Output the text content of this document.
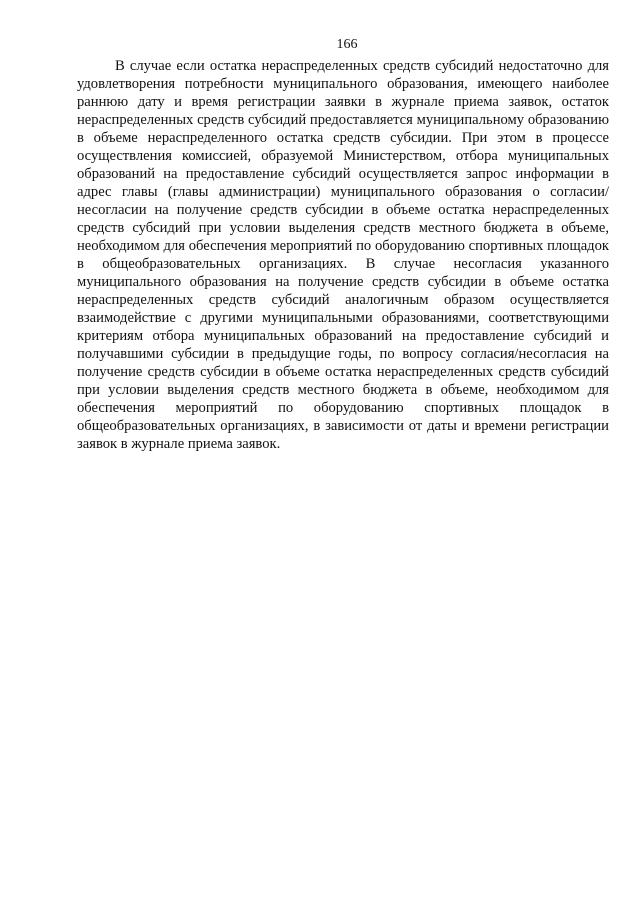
166

В случае если остатка нераспределенных средств субсидий недостаточно для удовлетворения потребности муниципального образования, имеющего наиболее раннюю дату и время регистрации заявки в журнале приема заявок, остаток нераспределенных средств субсидий предоставляется муниципальному образованию в объеме нераспределенного остатка средств субсидии. При этом в процессе осуществления комиссией, образуемой Министерством, отбора муниципальных образований на предоставление субсидий осуществляется запрос информации в адрес главы (главы администрации) муниципального образования о согласии/несогласии на получение средств субсидии в объеме остатка нераспределенных средств субсидий при условии выделения средств местного бюджета в объеме, необходимом для обеспечения мероприятий по оборудованию спортивных площадок в общеобразовательных организациях. В случае несогласия указанного муниципального образования на получение средств субсидии в объеме остатка нераспределенных средств субсидий аналогичным образом осуществляется взаимодействие с другими муниципальными образованиями, соответствующими критериям отбора муниципальных образований на предоставление субсидий и получавшими субсидии в предыдущие годы, по вопросу согласия/несогласия на получение средств субсидии в объеме остатка нераспределенных средств субсидий при условии выделения средств местного бюджета в объеме, необходимом для обеспечения мероприятий по оборудованию спортивных площадок в общеобразовательных организациях, в зависимости от даты и времени регистрации заявок в журнале приема заявок.
